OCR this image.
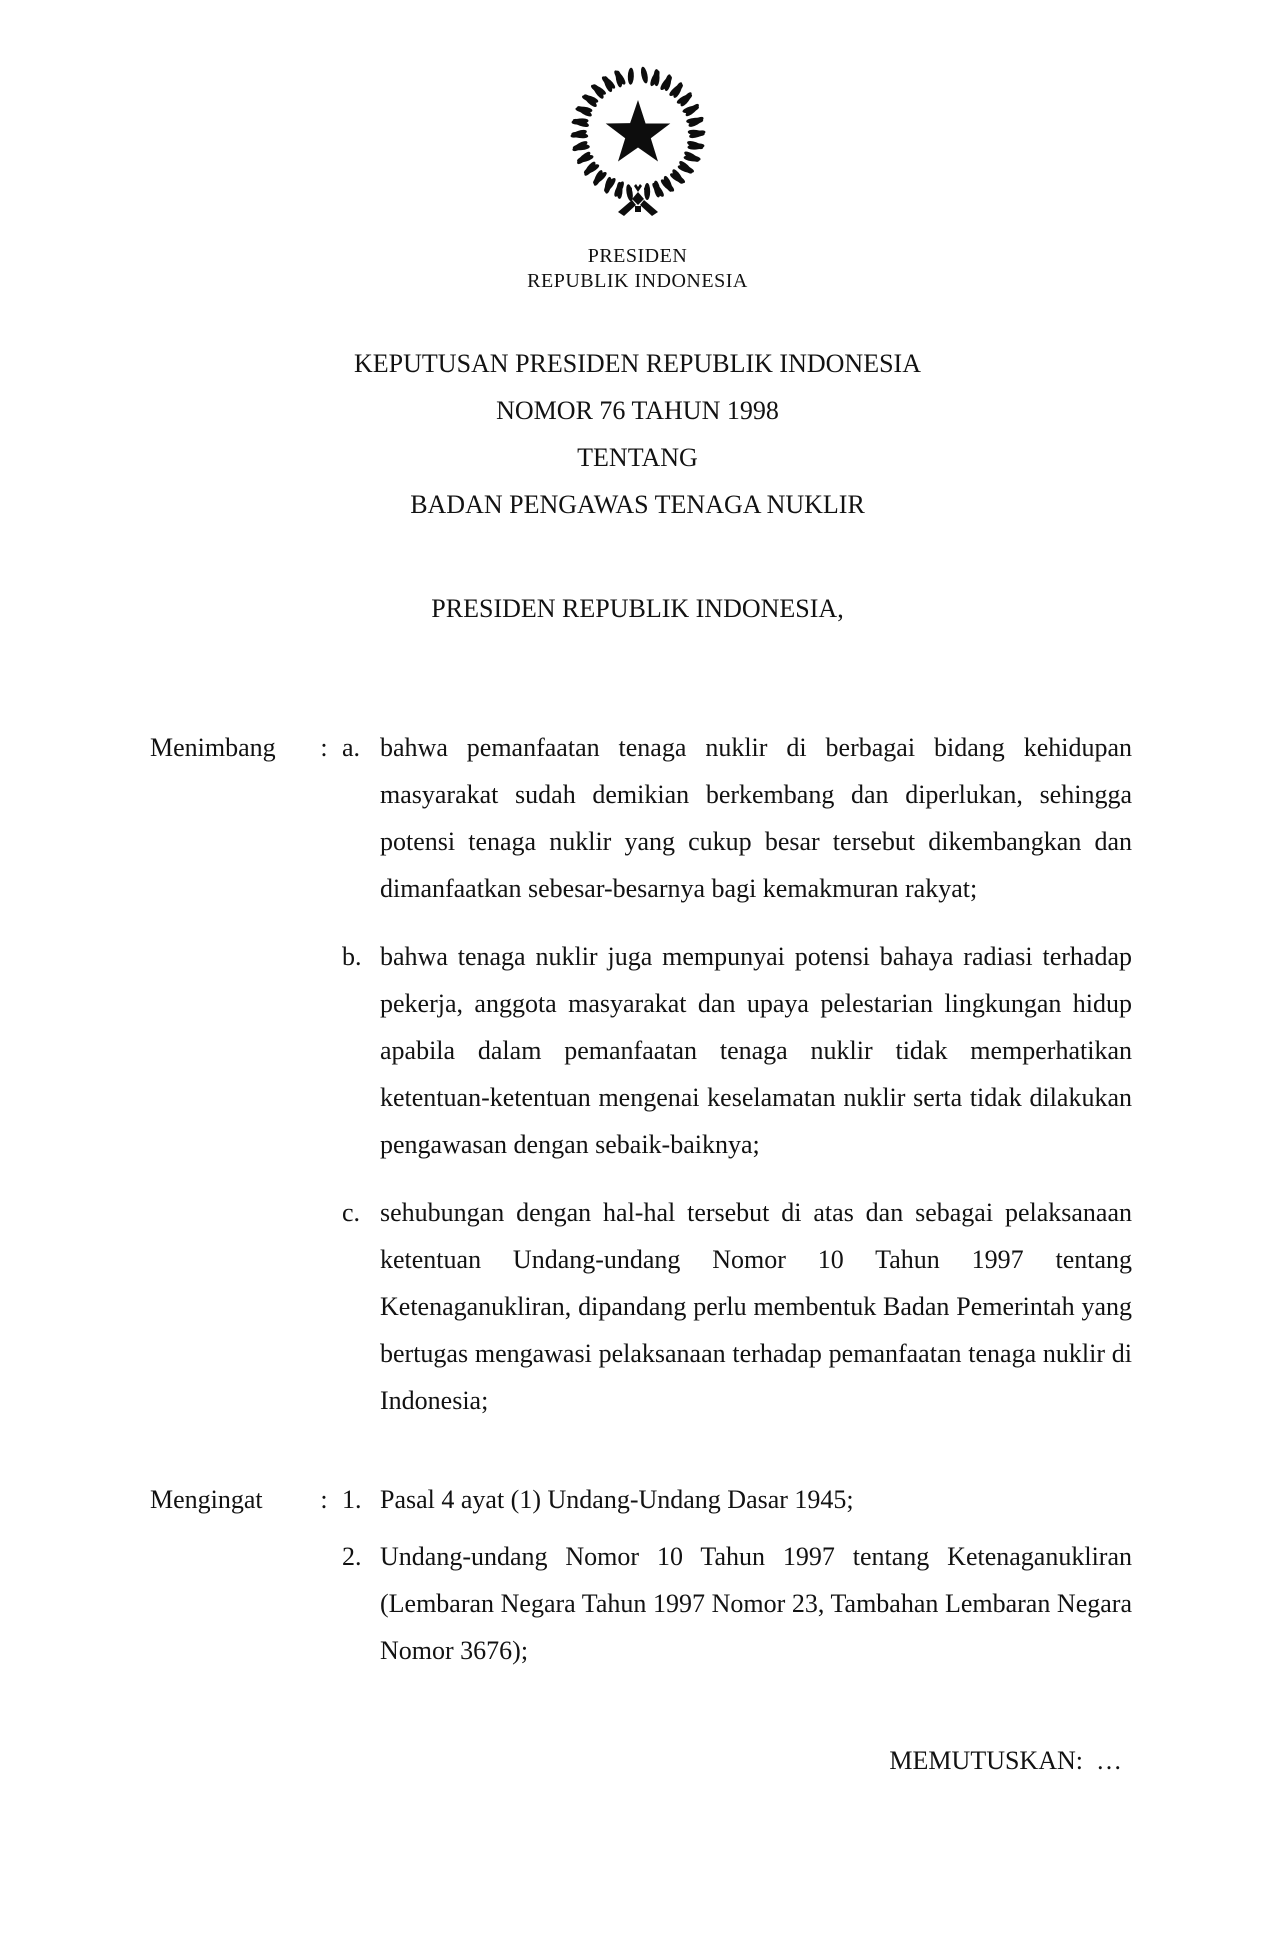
PRESIDEN
REPUBLIK INDONESIA
KEPUTUSAN PRESIDEN REPUBLIK INDONESIA
NOMOR 76 TAHUN 1998
TENTANG
BADAN PENGAWAS TENAGA NUKLIR
PRESIDEN REPUBLIK INDONESIA,
Menimbang	: a. bahwa pemanfaatan tenaga nuklir di berbagai bidang kehidupan masyarakat sudah demikian berkembang dan diperlukan, sehingga potensi tenaga nuklir yang cukup besar tersebut dikembangkan dan dimanfaatkan sebesar-besarnya bagi kemakmuran rakyat;
b. bahwa tenaga nuklir juga mempunyai potensi bahaya radiasi terhadap pekerja, anggota masyarakat dan upaya pelestarian lingkungan hidup apabila dalam pemanfaatan tenaga nuklir tidak memperhatikan ketentuan-ketentuan mengenai keselamatan nuklir serta tidak dilakukan pengawasan dengan sebaik-baiknya;
c. sehubungan dengan hal-hal tersebut di atas dan sebagai pelaksanaan ketentuan Undang-undang Nomor 10 Tahun 1997 tentang Ketenaganukliran, dipandang perlu membentuk Badan Pemerintah yang bertugas mengawasi pelaksanaan terhadap pemanfaatan tenaga nuklir di Indonesia;
Mengingat	: 1. Pasal 4 ayat (1) Undang-Undang Dasar 1945;
2. Undang-undang Nomor 10 Tahun 1997 tentang Ketenaganukliran (Lembaran Negara Tahun 1997 Nomor 23, Tambahan Lembaran Negara Nomor 3676);
MEMUTUSKAN:  …
